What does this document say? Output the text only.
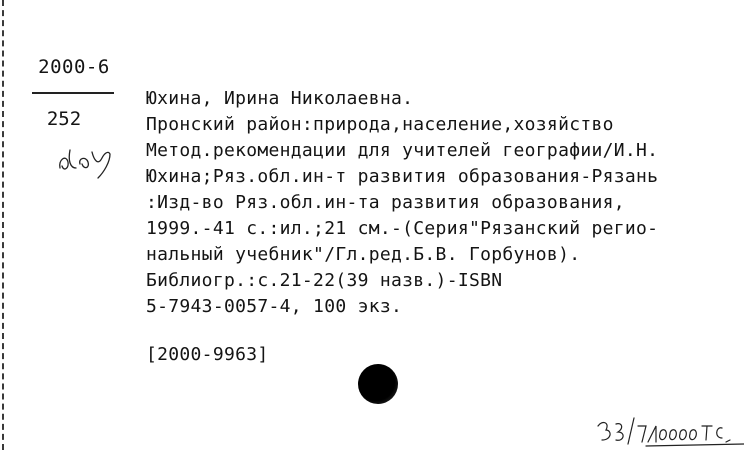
2000-6
252
Юхина, Ирина Николаевна.
Пронский район:природа,население,хозяйство
Метод.рекомендации для учителей географии/И.Н.
Юхина;Ряз.обл.ин-т развития образования-Рязань
:Изд-во Ряз.обл.ин-та развития образования,
1999.-41 с.:ил.;21 см.-(Серия"Рязанский регио-
нальный учебник"/Гл.ред.Б.В. Горбунов).
Библиогр.:с.21-22(39 назв.)-ISBN
5-7943-0057-4, 100 экз.
[2000-9963]
